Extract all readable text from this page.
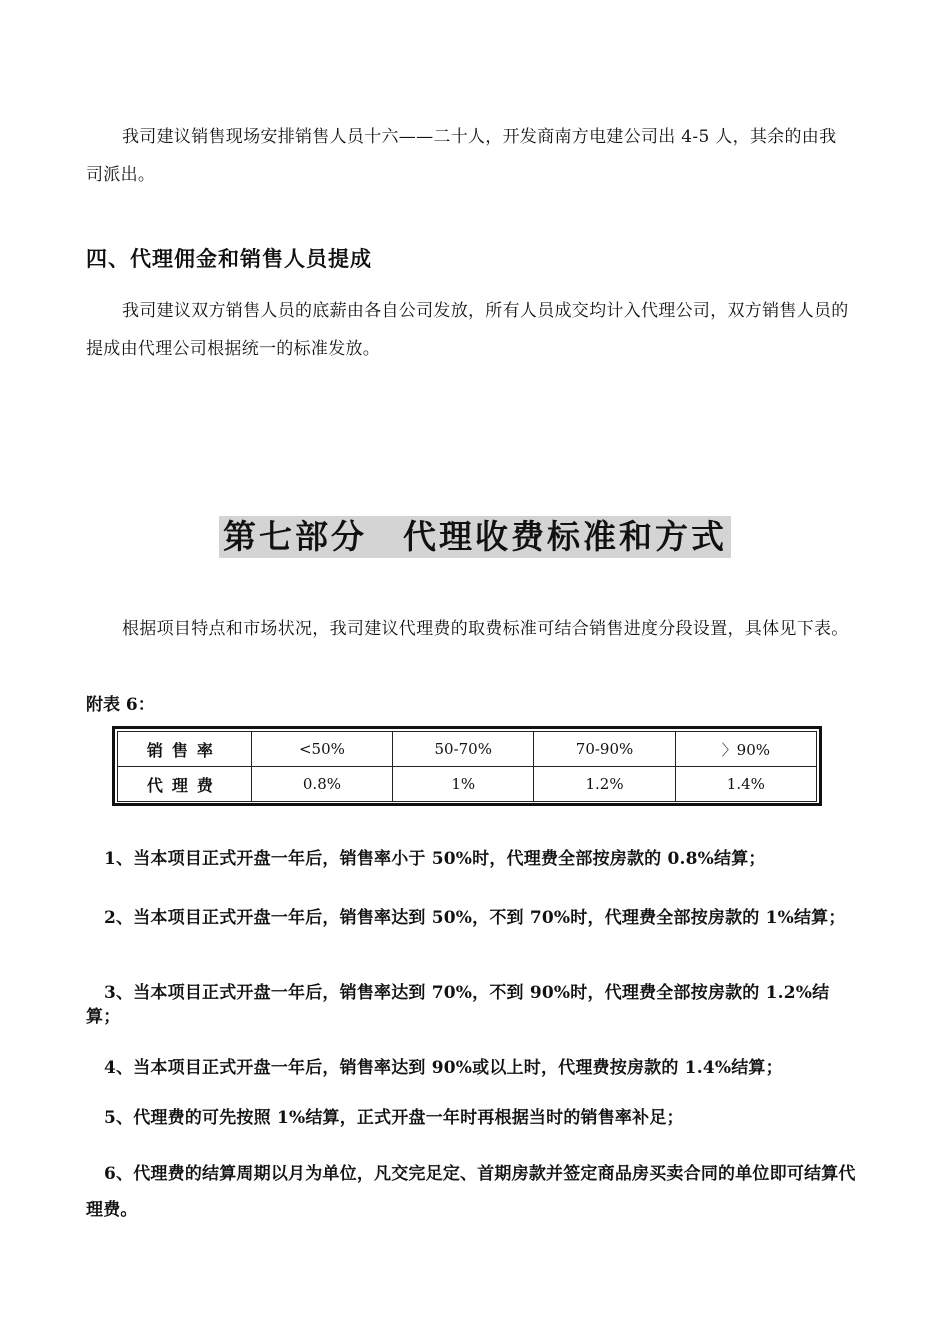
我司建议销售现场安排销售人员十六——二十人，开发商南方电建公司出 4-5 人，其余的由我司派出。

四、代理佣金和销售人员提成

我司建议双方销售人员的底薪由各自公司发放，所有人员成交均计入代理公司，双方销售人员的提成由代理公司根据统一的标准发放。

第七部分　代理收费标准和方式

根据项目特点和市场状况，我司建议代理费的取费标准可结合销售进度分段设置，具体见下表。

附表 6：

销售率	<50%	50-70%	70-90%	〉90%
代理费	0.8%	1%	1.2%	1.4%

1、当本项目正式开盘一年后，销售率小于 50%时，代理费全部按房款的 0.8%结算；

2、当本项目正式开盘一年后，销售率达到 50%，不到 70%时，代理费全部按房款的 1%结算；

3、当本项目正式开盘一年后，销售率达到 70%，不到 90%时，代理费全部按房款的 1.2%结算；

4、当本项目正式开盘一年后，销售率达到 90%或以上时，代理费按房款的 1.4%结算；

5、代理费的可先按照 1%结算，正式开盘一年时再根据当时的销售率补足；

6、代理费的结算周期以月为单位，凡交完足定、首期房款并签定商品房买卖合同的单位即可结算代理费。
